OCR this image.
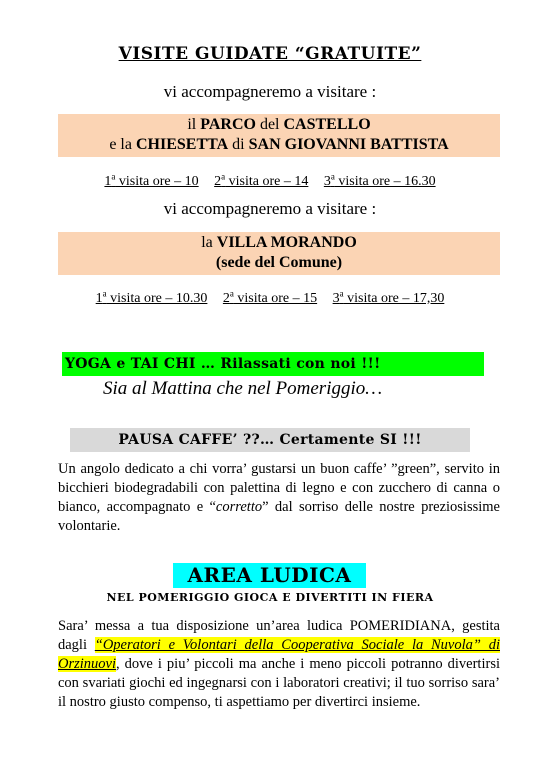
VISITE GUIDATE “GRATUITE”
vi accompagneremo a visitare :
il PARCO del CASTELLO
e la CHIESETTA di SAN GIOVANNI BATTISTA
1$^a$ visita ore – 10 2$^a$ visita ore – 14 3$^a$ visita ore – 16.30
vi accompagneremo a visitare :
la VILLA MORANDO
(sede del Comune)
1$^a$ visita ore – 10.30 2$^a$ visita ore – 15 3$^a$ visita ore – 17,30
YOGA e TAI CHI … Rilassati con noi !!!
Sia al Mattina che nel Pomeriggio…
PAUSA CAFFE’ ??… Certamente SI !!!
Un angolo dedicato a chi vorra’ gustarsi un buon caffe’ ”green”, servito in bicchieri biodegradabili con palettina di legno e con zucchero di canna o bianco, accompagnato e “corretto” dal sorriso delle nostre preziosissime volontarie.
AREA LUDICA
NEL POMERIGGIO GIOCA E DIVERTITI IN FIERA
Sara’ messa a tua disposizione un’area ludica POMERIDIANA, gestita dagli “Operatori e Volontari della Cooperativa Sociale la Nuvola” di Orzinuovi, dove i piu’ piccoli ma anche i meno piccoli potranno divertirsi con svariati giochi ed ingegnarsi con i laboratori creativi; il tuo sorriso sara’ il nostro giusto compenso, ti aspettiamo per divertirci insieme.
